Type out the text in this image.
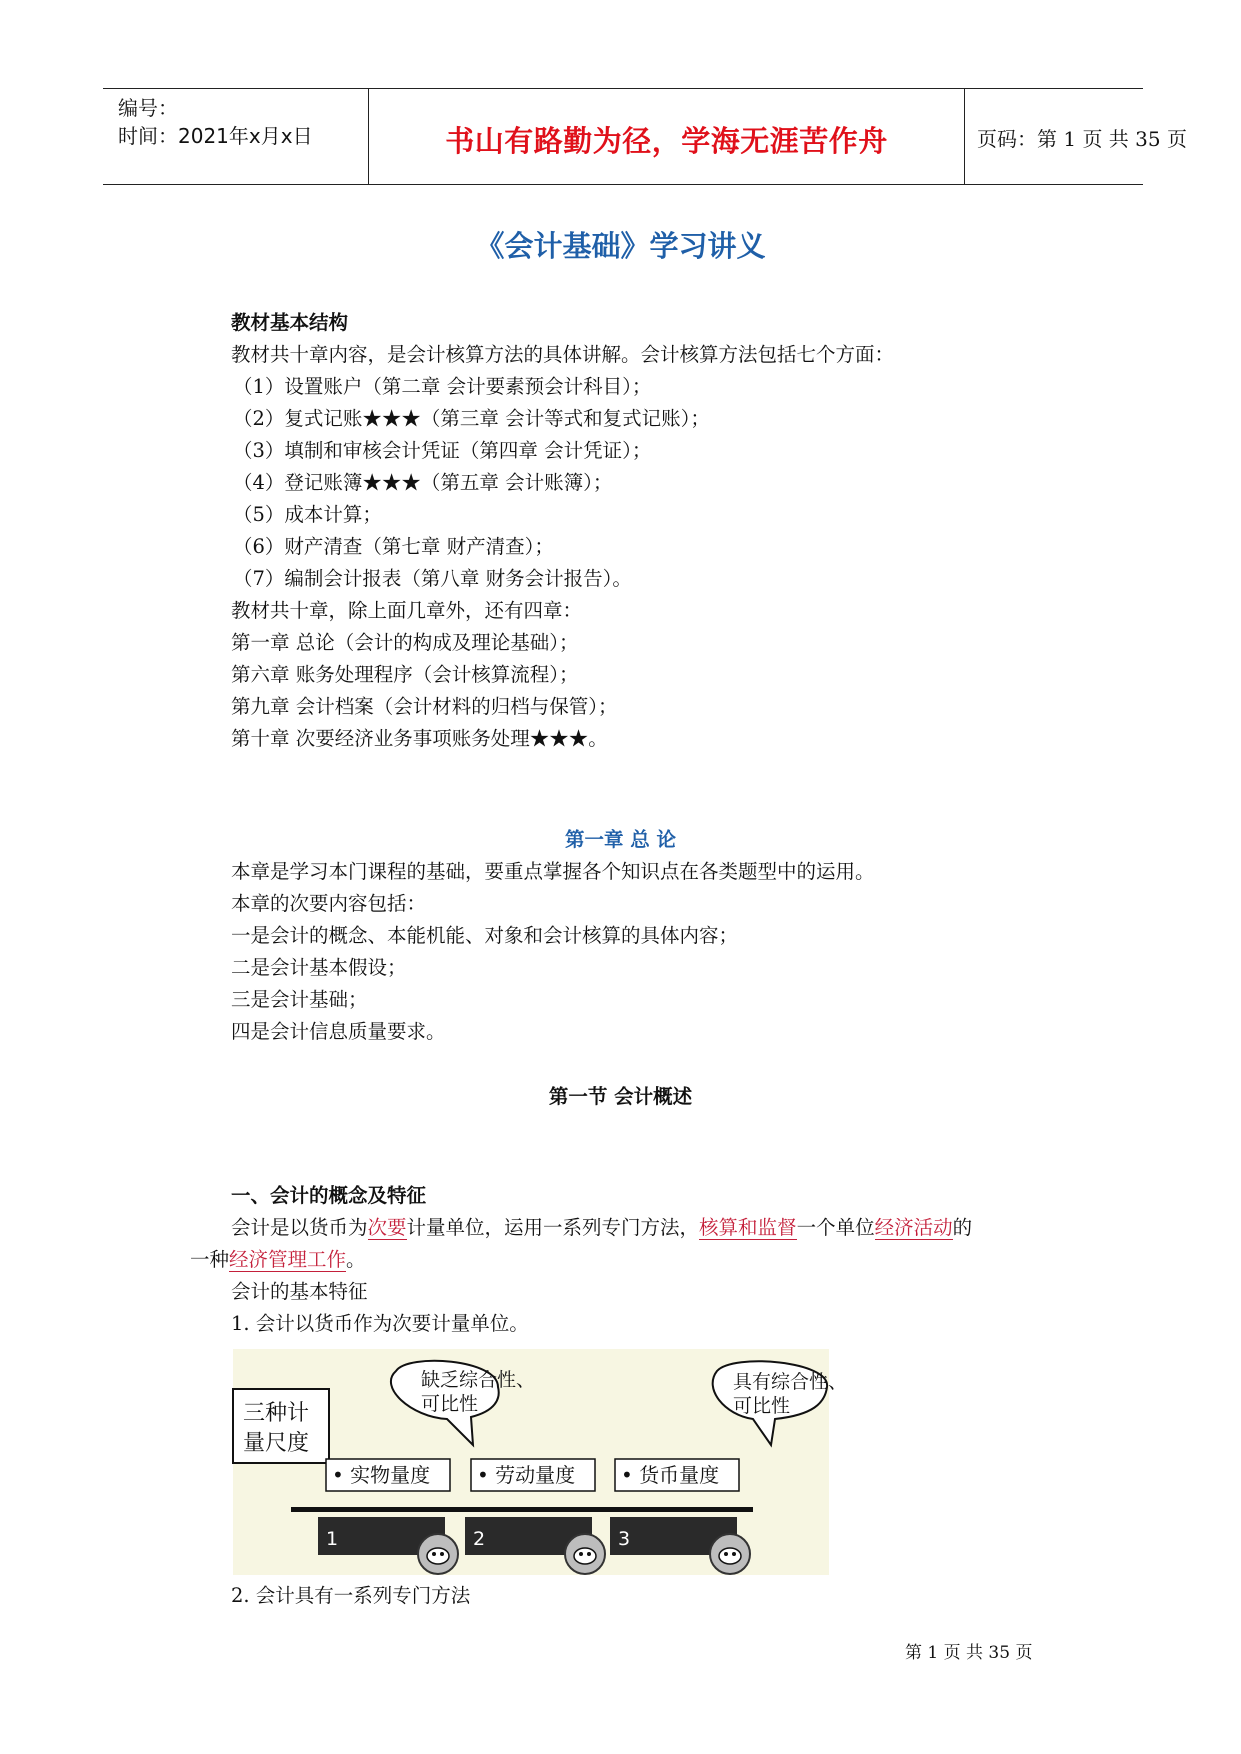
编号：
时间：2021年x月x日	书山有路勤为径，学海无涯苦作舟	页码：第 1 页 共 35 页
《会计基础》学习讲义
教材基本结构
教材共十章内容，是会计核算方法的具体讲解。会计核算方法包括七个方面：
（1）设置账户（第二章 会计要素预会计科目）；
（2）复式记账★★★（第三章 会计等式和复式记账）；
（3）填制和审核会计凭证（第四章 会计凭证）；
（4）登记账簿★★★（第五章 会计账簿）；
（5）成本计算；
（6）财产清查（第七章 财产清查）；
（7）编制会计报表（第八章 财务会计报告）。
教材共十章，除上面几章外，还有四章：
第一章 总论（会计的构成及理论基础）；
第六章 账务处理程序（会计核算流程）；
第九章 会计档案（会计材料的归档与保管）；
第十章 次要经济业务事项账务处理★★★。
第一章 总 论
本章是学习本门课程的基础，要重点掌握各个知识点在各类题型中的运用。
本章的次要内容包括：
一是会计的概念、本能机能、对象和会计核算的具体内容；
二是会计基本假设；
三是会计基础；
四是会计信息质量要求。
第一节 会计概述
一、会计的概念及特征
会计是以货币为次要计量单位，运用一系列专门方法，核算和监督一个单位经济活动的
一种经济管理工作。
会计的基本特征
1. 会计以货币作为次要计量单位。
三种计
量尺度
缺乏综合性、
可比性
具有综合性、
可比性
• 实物量度 • 劳动量度 • 货币量度
1	2	3
2. 会计具有一系列专门方法
第 1 页 共 35 页
